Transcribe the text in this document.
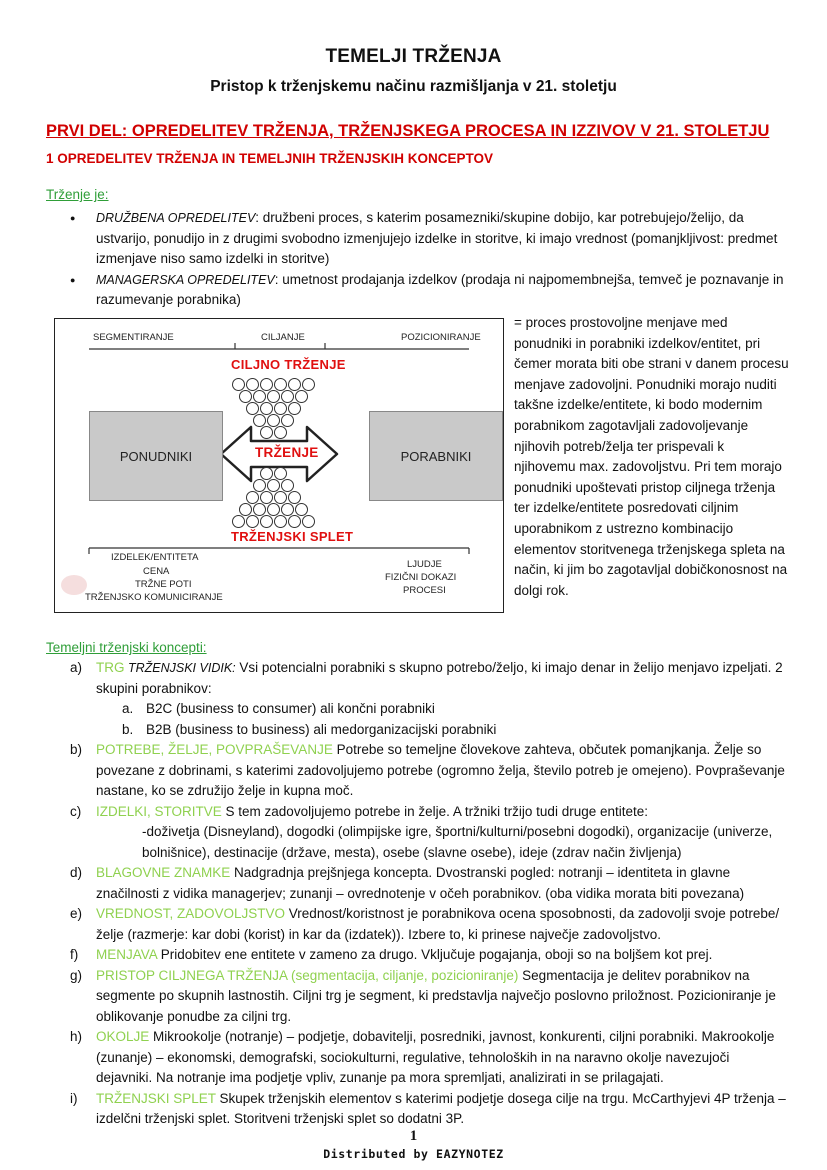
TEMELJI TRŽENJA
Pristop k trženjskemu načinu razmišljanja v 21. stoletju
PRVI DEL: OPREDELITEV TRŽENJA, TRŽENJSKEGA PROCESA IN IZZIVOV V 21. STOLETJU
1 OPREDELITEV TRŽENJA IN TEMELJNIH TRŽENJSKIH KONCEPTOV
Trženje je:
● DRUŽBENA OPREDELITEV: družbeni proces, s katerim posamezniki/skupine dobijo, kar potrebujejo/želijo, da ustvarijo, ponudijo in z drugimi svobodno izmenjujejo izdelke in storitve, ki imajo vrednost (pomanjkljivost: predmet izmenjave niso samo izdelki in storitve)
● MANAGERSKA OPREDELITEV: umetnost prodajanja izdelkov (prodaja ni najpomembnejša, temveč je poznavanje in razumevanje porabnika)
SEGMENTIRANJE	CILJANJE	POZICIONIRANJE
CILJNO TRŽENJE
PONUDNIKI	PORABNIKI
TRŽENJE
TRŽENJSKI SPLET
IZDELEK/ENTITETA
CENA
TRŽNE POTI
TRŽENJSKO KOMUNICIRANJE
LJUDJE
FIZIČNI DOKAZI
PROCESI
= proces prostovoljne menjave med ponudniki in porabniki izdelkov/entitet, pri čemer morata biti obe strani v danem procesu menjave zadovoljni. Ponudniki morajo nuditi takšne izdelke/entitete, ki bodo modernim porabnikom zagotavljali zadovoljevanje njihovih potreb/želja ter prispevali k njihovemu max. zadovoljstvu. Pri tem morajo ponudniki upoštevati pristop ciljnega trženja ter izdelke/entitete posredovati ciljnim uporabnikom z ustrezno kombinacijo elementov storitvenega trženjskega spleta na način, ki jim bo zagotavljal dobičkonosnost na dolgi rok.
Temeljni trženjski koncepti:
a) TRG TRŽENJSKI VIDIK: Vsi potencialni porabniki s skupno potrebo/željo, ki imajo denar in želijo menjavo izpeljati. 2 skupini porabnikov:
a. B2C (business to consumer) ali končni porabniki
b. B2B (business to business) ali medorganizacijski porabniki
b) POTREBE, ŽELJE, POVPRAŠEVANJE Potrebe so temeljne človekove zahteva, občutek pomanjkanja. Želje so povezane z dobrinami, s katerimi zadovoljujemo potrebe (ogromno želja, število potreb je omejeno). Povpraševanje nastane, ko se združijo želje in kupna moč.
c) IZDELKI, STORITVE S tem zadovoljujemo potrebe in želje. A tržniki tržijo tudi druge entitete:
-doživetja (Disneyland), dogodki (olimpijske igre, športni/kulturni/posebni dogodki), organizacije (univerze, bolnišnice), destinacije (države, mesta), osebe (slavne osebe), ideje (zdrav način življenja)
d) BLAGOVNE ZNAMKE Nadgradnja prejšnjega koncepta. Dvostranski pogled: notranji – identiteta in glavne značilnosti z vidika managerjev; zunanji – ovrednotenje v očeh porabnikov. (oba vidika morata biti povezana)
e) VREDNOST, ZADOVOLJSTVO Vrednost/koristnost je porabnikova ocena sposobnosti, da zadovolji svoje potrebe/želje (razmerje: kar dobi (korist) in kar da (izdatek)). Izbere to, ki prinese največje zadovoljstvo.
f) MENJAVA Pridobitev ene entitete v zameno za drugo. Vključuje pogajanja, oboji so na boljšem kot prej.
g) PRISTOP CILJNEGA TRŽENJA (segmentacija, ciljanje, pozicioniranje) Segmentacija je delitev porabnikov na segmente po skupnih lastnostih. Ciljni trg je segment, ki predstavlja največjo poslovno priložnost. Pozicioniranje je oblikovanje ponudbe za ciljni trg.
h) OKOLJE Mikrookolje (notranje) – podjetje, dobavitelji, posredniki, javnost, konkurenti, ciljni porabniki. Makrookolje (zunanje) – ekonomski, demografski, sociokulturni, regulative, tehnoloških in na naravno okolje navezujoči dejavniki. Na notranje ima podjetje vpliv, zunanje pa mora spremljati, analizirati in se prilagajati.
i) TRŽENJSKI SPLET Skupek trženjskih elementov s katerimi podjetje dosega cilje na trgu. McCarthyjevi 4P trženja – izdelčni trženjski splet. Storitveni trženjski splet so dodatni 3P.
1
Distributed by EAZYNOTEZ
